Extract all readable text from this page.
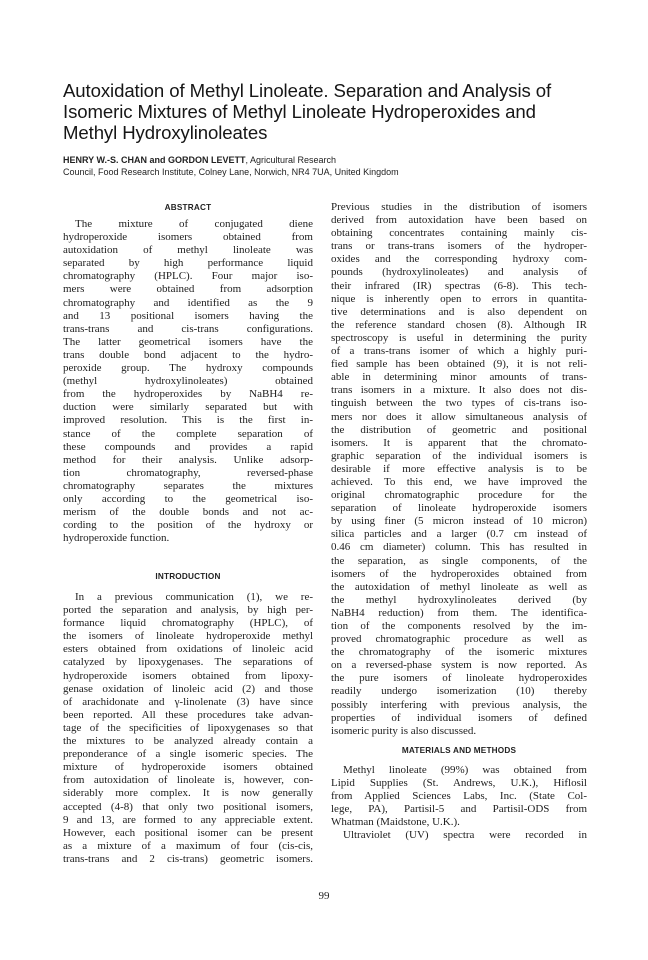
Autoxidation of Methyl Linoleate. Separation and Analysis of
Isomeric Mixtures of Methyl Linoleate Hydroperoxides and
Methyl Hydroxylinoleates
HENRY W.-S. CHAN and GORDON LEVETT, Agricultural Research
Council, Food Research Institute, Colney Lane, Norwich, NR4 7UA, United Kingdom
ABSTRACT
The mixture of conjugated diene
hydroperoxide isomers obtained from
autoxidation of methyl linoleate was
separated by high performance liquid
chromatography (HPLC). Four major iso-
mers were obtained from adsorption
chromatography and identified as the 9
and 13 positional isomers having the
trans-trans and cis-trans configurations.
The latter geometrical isomers have the
trans double bond adjacent to the hydro-
peroxide group. The hydroxy compounds
(methyl hydroxylinoleates) obtained
from the hydroperoxides by NaBH4 re-
duction were similarly separated but with
improved resolution. This is the first in-
stance of the complete separation of
these compounds and provides a rapid
method for their analysis. Unlike adsorp-
tion chromatography, reversed-phase
chromatography separates the mixtures
only according to the geometrical iso-
merism of the double bonds and not ac-
cording to the position of the hydroxy or
hydroperoxide function.
INTRODUCTION
In a previous communication (1), we re-
ported the separation and analysis, by high per-
formance liquid chromatography (HPLC), of
the isomers of linoleate hydroperoxide methyl
esters obtained from oxidations of linoleic acid
catalyzed by lipoxygenases. The separations of
hydroperoxide isomers obtained from lipoxy-
genase oxidation of linoleic acid (2) and those
of arachidonate and γ-linolenate (3) have since
been reported. All these procedures take advan-
tage of the specificities of lipoxygenases so that
the mixtures to be analyzed already contain a
preponderance of a single isomeric species. The
mixture of hydroperoxide isomers obtained
from autoxidation of linoleate is, however, con-
siderably more complex. It is now generally
accepted (4-8) that only two positional isomers,
9 and 13, are formed to any appreciable extent.
However, each positional isomer can be present
as a mixture of a maximum of four (cis-cis,
trans-trans and 2 cis-trans) geometric isomers.
Previous studies in the distribution of isomers
derived from autoxidation have been based on
obtaining concentrates containing mainly cis-
trans or trans-trans isomers of the hydroper-
oxides and the corresponding hydroxy com-
pounds (hydroxylinoleates) and analysis of
their infrared (IR) spectras (6-8). This tech-
nique is inherently open to errors in quantita-
tive determinations and is also dependent on
the reference standard chosen (8). Although IR
spectroscopy is useful in determining the purity
of a trans-trans isomer of which a highly puri-
fied sample has been obtained (9), it is not reli-
able in determining minor amounts of trans-
trans isomers in a mixture. It also does not dis-
tinguish between the two types of cis-trans iso-
mers nor does it allow simultaneous analysis of
the distribution of geometric and positional
isomers. It is apparent that the chromato-
graphic separation of the individual isomers is
desirable if more effective analysis is to be
achieved. To this end, we have improved the
original chromatographic procedure for the
separation of linoleate hydroperoxide isomers
by using finer (5 micron instead of 10 micron)
silica particles and a larger (0.7 cm instead of
0.46 cm diameter) column. This has resulted in
the separation, as single components, of the
isomers of the hydroperoxides obtained from
the autoxidation of methyl linoleate as well as
the methyl hydroxylinoleates derived (by
NaBH4 reduction) from them. The identifica-
tion of the components resolved by the im-
proved chromatographic procedure as well as
the chromatography of the isomeric mixtures
on a reversed-phase system is now reported. As
the pure isomers of linoleate hydroperoxides
readily undergo isomerization (10) thereby
possibly interfering with previous analysis, the
properties of individual isomers of defined
isomeric purity is also discussed.
MATERIALS AND METHODS
Methyl linoleate (99%) was obtained from
Lipid Supplies (St. Andrews, U.K.), Hiflosil
from Applied Sciences Labs, Inc. (State Col-
lege, PA), Partisil-5 and Partisil-ODS from
Whatman (Maidstone, U.K.).
Ultraviolet (UV) spectra were recorded in
99
